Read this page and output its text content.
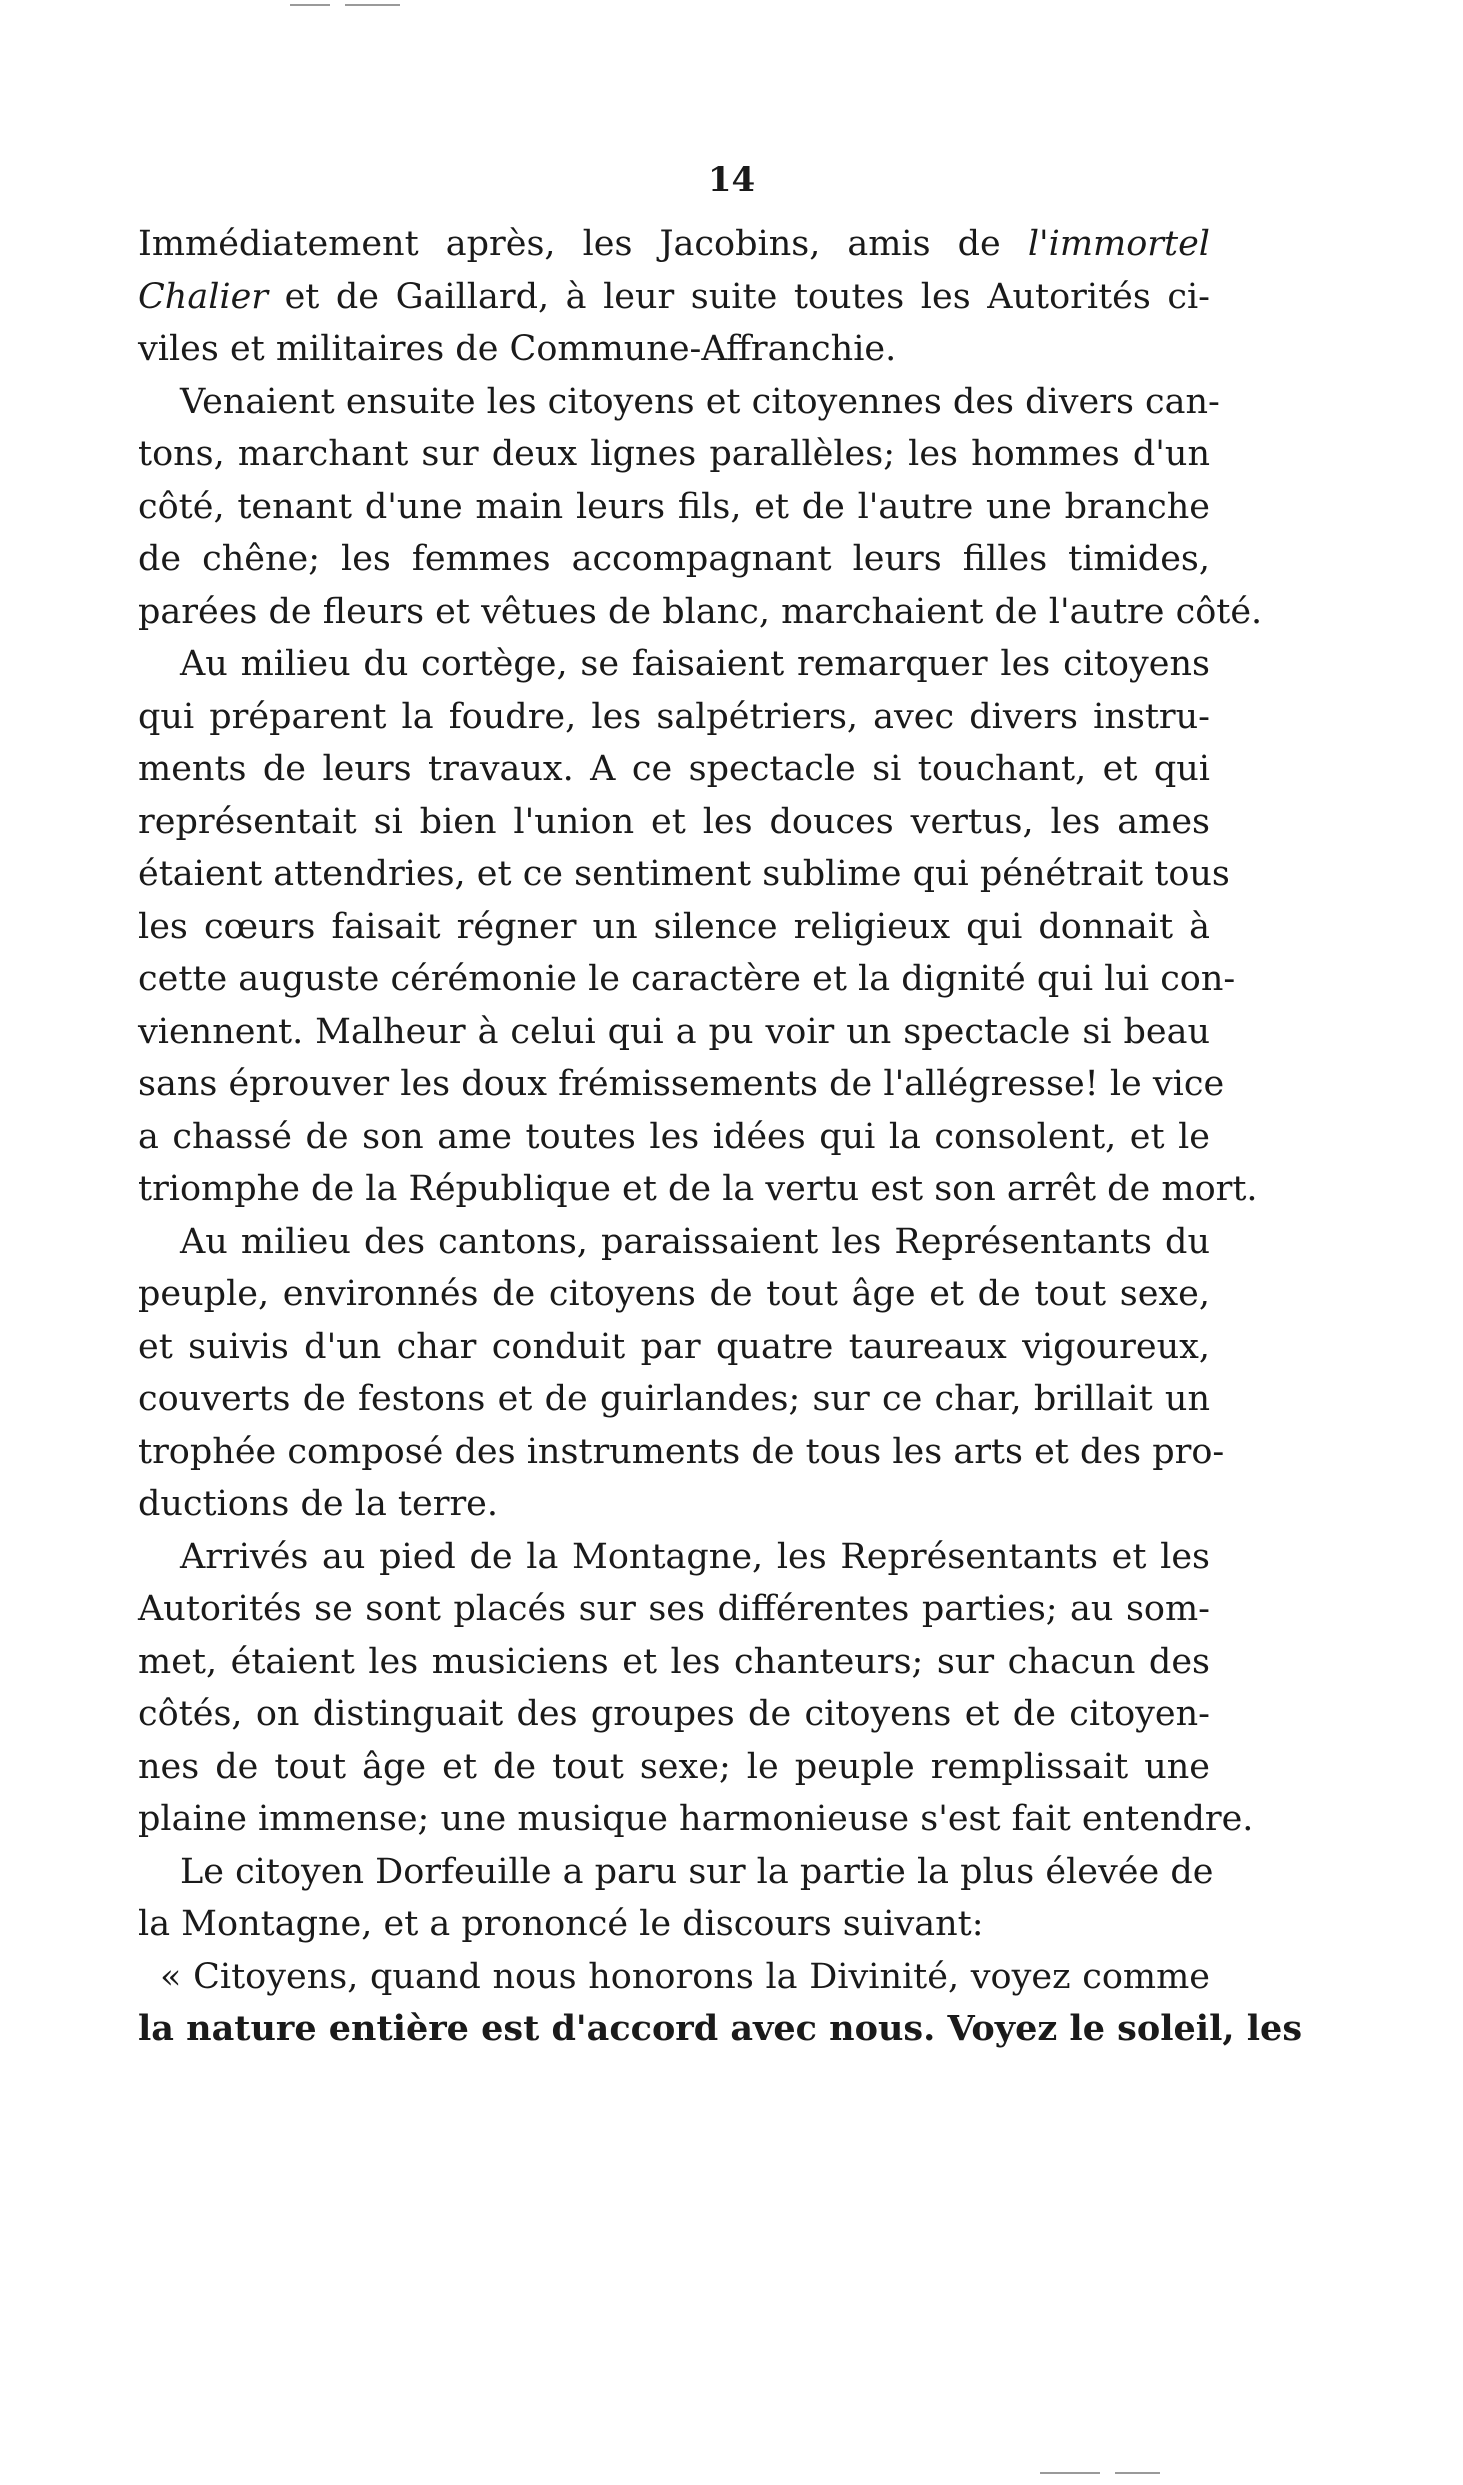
14
Immédiatement après, les Jacobins, amis de l'immortel
Chalier et de Gaillard, à leur suite toutes les Autorités ci-
viles et militaires de Commune-Affranchie.
Venaient ensuite les citoyens et citoyennes des divers can-
tons, marchant sur deux lignes parallèles; les hommes d'un
côté, tenant d'une main leurs fils, et de l'autre une branche
de chêne; les femmes accompagnant leurs filles timides,
parées de fleurs et vêtues de blanc, marchaient de l'autre côté.
Au milieu du cortège, se faisaient remarquer les citoyens
qui préparent la foudre, les salpétriers, avec divers instru-
ments de leurs travaux. A ce spectacle si touchant, et qui
représentait si bien l'union et les douces vertus, les ames
étaient attendries, et ce sentiment sublime qui pénétrait tous
les cœurs faisait régner un silence religieux qui donnait à
cette auguste cérémonie le caractère et la dignité qui lui con-
viennent. Malheur à celui qui a pu voir un spectacle si beau
sans éprouver les doux frémissements de l'allégresse! le vice
a chassé de son ame toutes les idées qui la consolent, et le
triomphe de la République et de la vertu est son arrêt de mort.
Au milieu des cantons, paraissaient les Représentants du
peuple, environnés de citoyens de tout âge et de tout sexe,
et suivis d'un char conduit par quatre taureaux vigoureux,
couverts de festons et de guirlandes; sur ce char, brillait un
trophée composé des instruments de tous les arts et des pro-
ductions de la terre.
Arrivés au pied de la Montagne, les Représentants et les
Autorités se sont placés sur ses différentes parties; au som-
met, étaient les musiciens et les chanteurs; sur chacun des
côtés, on distinguait des groupes de citoyens et de citoyen-
nes de tout âge et de tout sexe; le peuple remplissait une
plaine immense; une musique harmonieuse s'est fait entendre.
Le citoyen Dorfeuille a paru sur la partie la plus élevée de
la Montagne, et a prononcé le discours suivant:
« Citoyens, quand nous honorons la Divinité, voyez comme
la nature entière est d'accord avec nous. Voyez le soleil, les
